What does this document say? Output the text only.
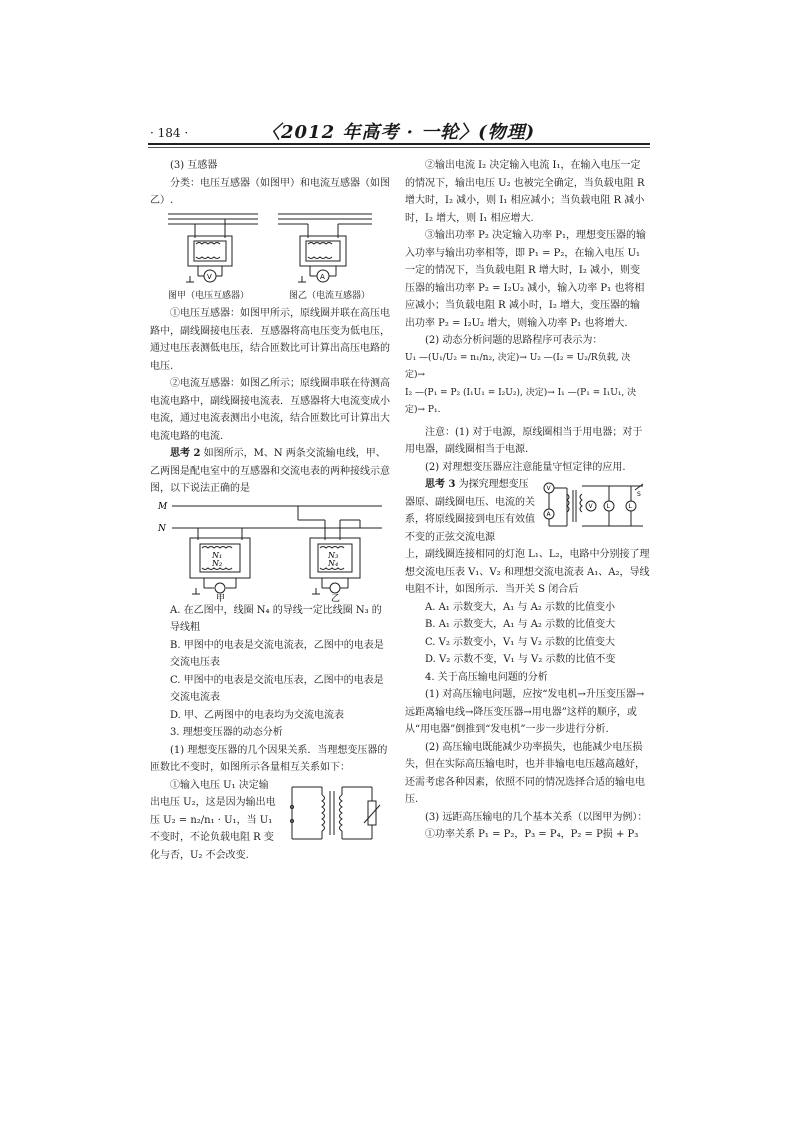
· 184 ·	〈2012 年高考 · 一轮〉(物理)

(3) 互感器

分类：电压互感器（如图甲）和电流互感器（如图乙）.

V	A
图甲（电压互感器）	图乙（电流互感器）

①电压互感器：如图甲所示，原线圈并联在高压电路中，副线圈接电压表．互感器将高电压变为低电压，通过电压表测低电压，结合匝数比可计算出高压电路的电压.

②电流互感器：如图乙所示；原线圈串联在待测高电流电路中，副线圈接电流表．互感器将大电流变成小电流，通过电流表测出小电流，结合匝数比可计算出大电流电路的电流.

思考 2 如图所示，M、N 两条交流输电线，甲、乙两图是配电室中的互感器和交流电表的两种接线示意图，以下说法正确的是

M
N
N₁
N₂
N₃
N₄
甲	乙

A. 在乙图中，线圈 N₄ 的导线一定比线圈 N₃ 的导线粗

B. 甲图中的电表是交流电流表，乙图中的电表是交流电压表

C. 甲图中的电表是交流电压表，乙图中的电表是交流电流表

D. 甲、乙两图中的电表均为交流电流表

3. 理想变压器的动态分析

(1) 理想变压器的几个因果关系．当理想变压器的匝数比不变时，如图所示各量相互关系如下：

①输入电压 U₁ 决定输出电压 U₂，这是因为输出电压 U₂ = n₂/n₁ · U₁，当 U₁ 不变时，不论负载电阻 R 变化与否，U₂ 不会改变.

②输出电流 I₂ 决定输入电流 I₁，在输入电压一定的情况下，输出电压 U₂ 也被完全确定，当负载电阻 R 增大时，I₂ 减小，则 I₁ 相应减小；当负载电阻 R 减小时，I₂ 增大，则 I₁ 相应增大.

③输出功率 P₂ 决定输入功率 P₁，理想变压器的输入功率与输出功率相等，即 P₁ = P₂，在输入电压 U₁ 一定的情况下，当负载电阻 R 增大时，I₂ 减小，则变压器的输出功率 P₂ = I₂U₂ 减小，输入功率 P₁ 也将相应减小；当负载电阻 R 减小时，I₂ 增大，变压器的输出功率 P₂ = I₂U₂ 增大，则输入功率 P₁ 也将增大.

(2) 动态分析问题的思路程序可表示为：

U₁ —(U₁/U₂ = n₁/n₂, 决定)→ U₂ —(I₂ = U₂/R负载, 决定)→

I₂ —(P₁ = P₂ (I₁U₁ = I₂U₂), 决定)→ I₁ —(P₁ = I₁U₁, 决定)→ P₁.

注意：(1) 对于电源，原线圈相当于用电器；对于用电器，副线圈相当于电源.

(2) 对理想变压器应注意能量守恒定律的应用.

思考 3 为探究理想变压器原、副线圈电压、电流的关系，将原线圈接到电压有效值不变的正弦交流电源

V
A
V L	L
S

上，副线圈连接相同的灯泡 L₁、L₂，电路中分别接了理想交流电压表 V₁、V₂ 和理想交流电流表 A₁、A₂，导线电阻不计，如图所示．当开关 S 闭合后

A. A₁ 示数变大，A₁ 与 A₂ 示数的比值变小

B. A₁ 示数变大，A₁ 与 A₂ 示数的比值变大

C. V₂ 示数变小，V₁ 与 V₂ 示数的比值变大

D. V₂ 示数不变，V₁ 与 V₂ 示数的比值不变

4. 关于高压输电问题的分析

(1) 对高压输电问题，应按“发电机→升压变压器→远距离输电线→降压变压器→用电器”这样的顺序，或从“用电器”倒推到“发电机”一步一步进行分析.

(2) 高压输电既能减少功率损失，也能减少电压损失，但在实际高压输电时，也并非输电电压越高越好，还需考虑各种因素，依照不同的情况选择合适的输电电压.

(3) 远距高压输电的几个基本关系（以图甲为例）：

①功率关系 P₁ = P₂，P₃ = P₄，P₂ = P损 + P₃
